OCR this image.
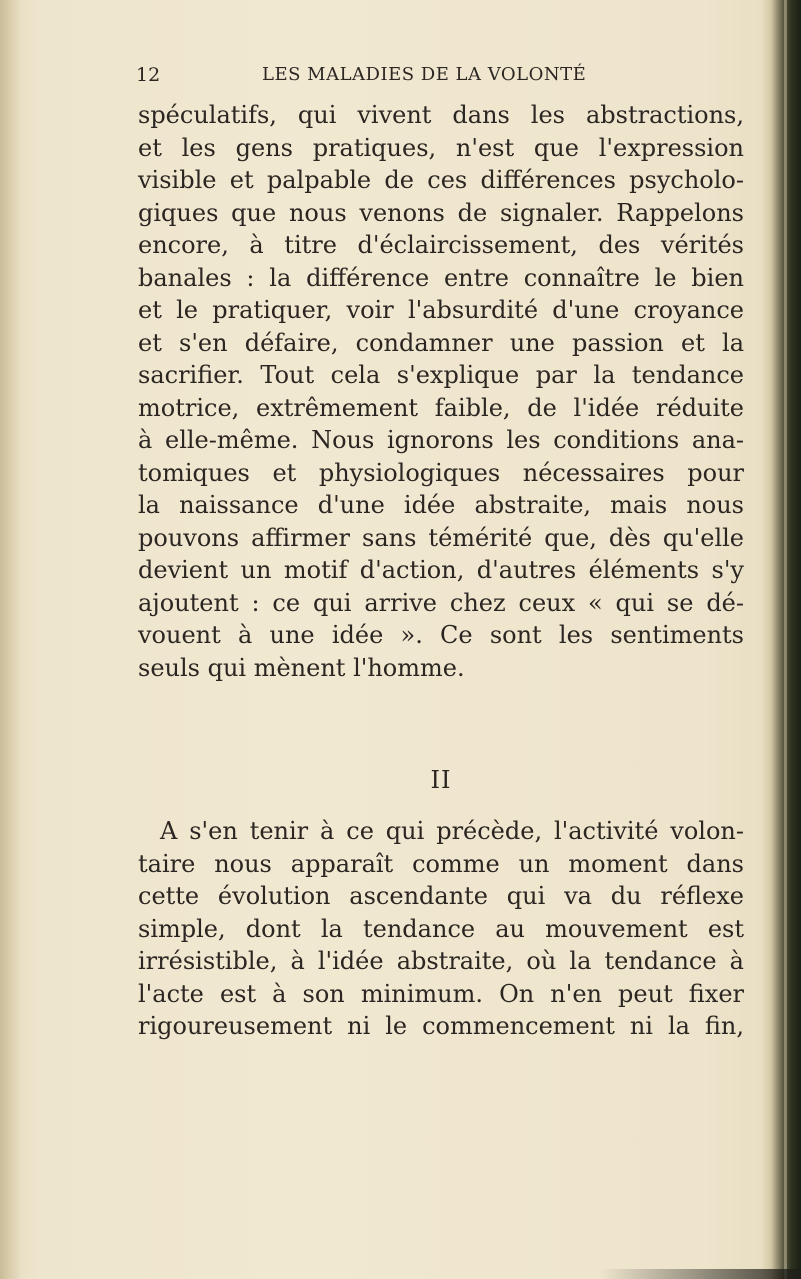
12	LES MALADIES DE LA VOLONTÉ
spéculatifs, qui vivent dans les abstractions,
et les gens pratiques, n'est que l'expression
visible et palpable de ces différences psycholo-
giques que nous venons de signaler. Rappelons
encore, à titre d'éclaircissement, des vérités
banales : la différence entre connaître le bien
et le pratiquer, voir l'absurdité d'une croyance
et s'en défaire, condamner une passion et la
sacrifier. Tout cela s'explique par la tendance
motrice, extrêmement faible, de l'idée réduite
à elle-même. Nous ignorons les conditions ana-
tomiques et physiologiques nécessaires pour
la naissance d'une idée abstraite, mais nous
pouvons affirmer sans témérité que, dès qu'elle
devient un motif d'action, d'autres éléments s'y
ajoutent : ce qui arrive chez ceux « qui se dé-
vouent à une idée ». Ce sont les sentiments
seuls qui mènent l'homme.
II
A s'en tenir à ce qui précède, l'activité volon-
taire nous apparaît comme un moment dans
cette évolution ascendante qui va du réflexe
simple, dont la tendance au mouvement est
irrésistible, à l'idée abstraite, où la tendance à
l'acte est à son minimum. On n'en peut fixer
rigoureusement ni le commencement ni la fin,
